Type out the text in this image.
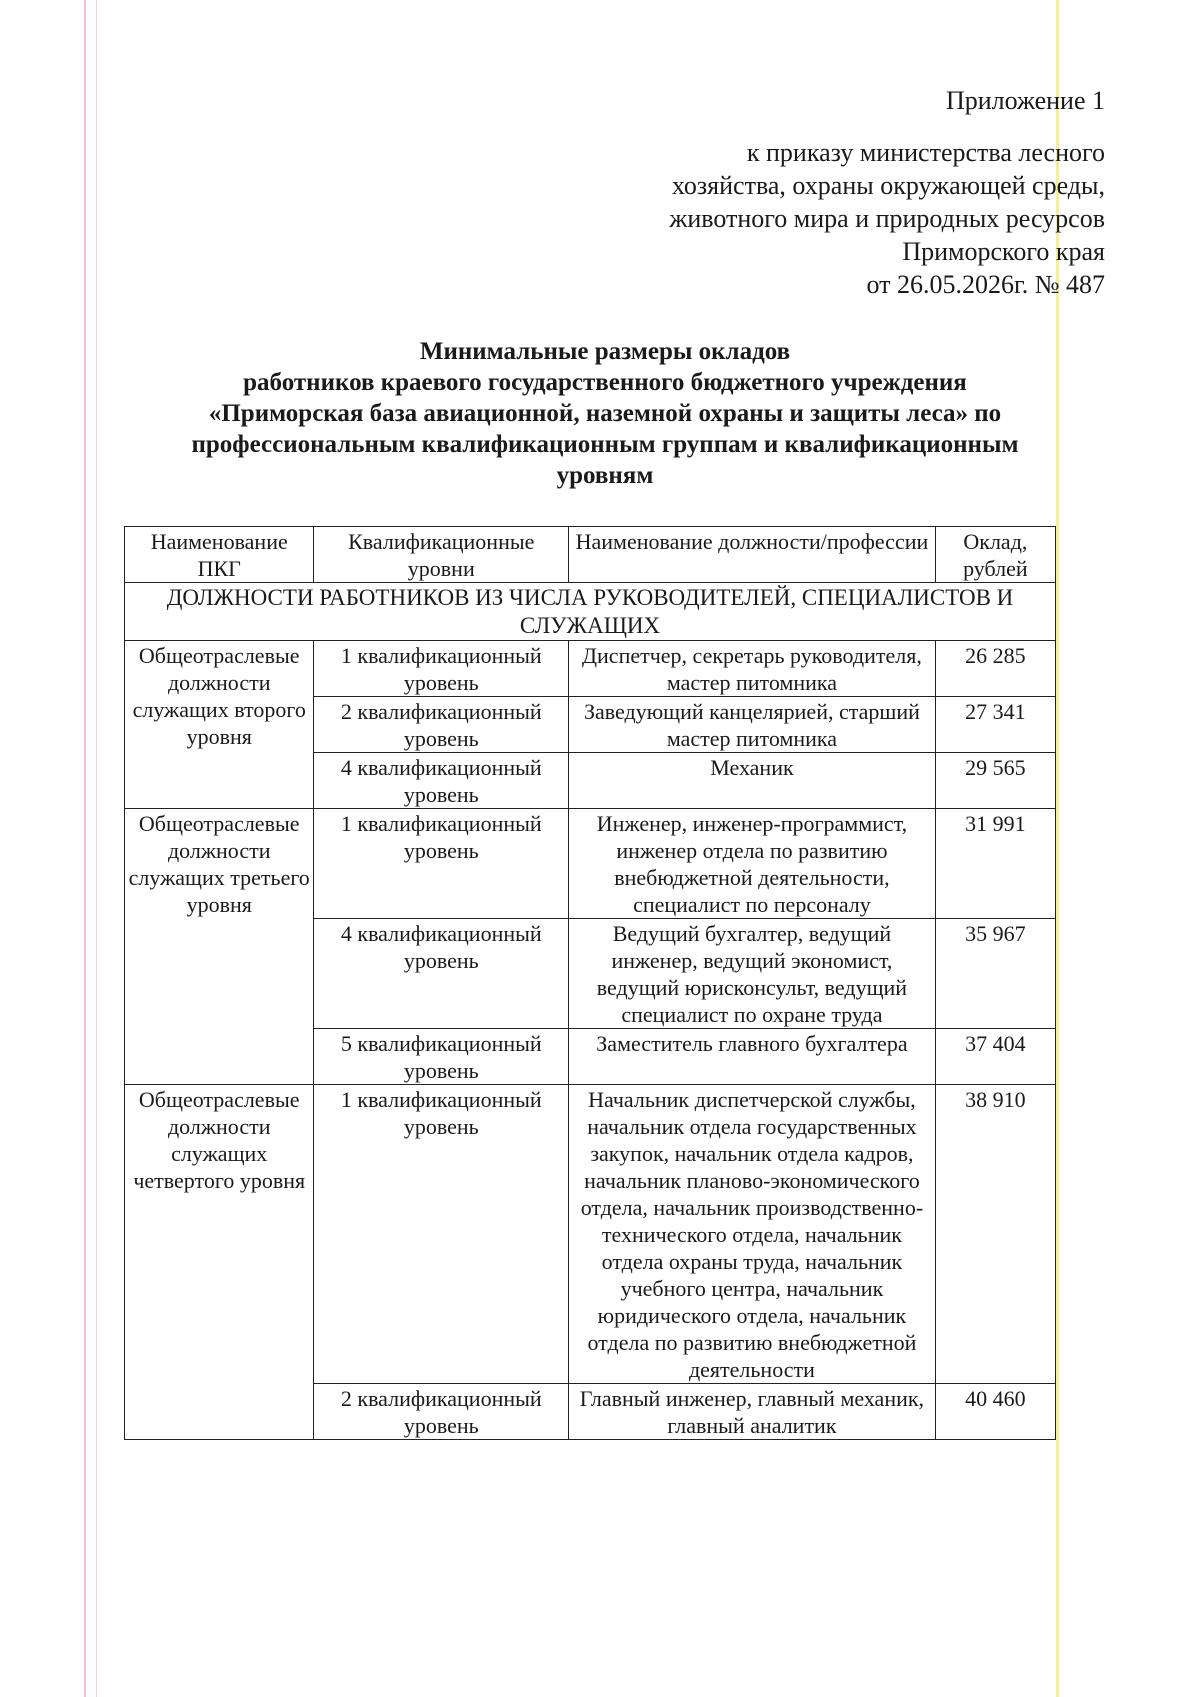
Приложение 1
к приказу министерства лесного
хозяйства, охраны окружающей среды,
животного мира и природных ресурсов
Приморского края
от 26.05.2026г. № 487
Минимальные размеры окладов
работников краевого государственного бюджетного учреждения
«Приморская база авиационной, наземной охраны и защиты леса» по
профессиональным квалификационным группам и квалификационным
уровням
Наименование ПКГ	Квалификационные уровни	Наименование должности/профессии	Оклад, рублей
ДОЛЖНОСТИ РАБОТНИКОВ ИЗ ЧИСЛА РУКОВОДИТЕЛЕЙ, СПЕЦИАЛИСТОВ И СЛУЖАЩИХ			
Общеотраслевые должности служащих второго уровня	1 квалификационный уровень	Диспетчер, секретарь руководителя, мастер питомника	26 285
	2 квалификационный уровень	Заведующий канцелярией, старший мастер питомника	27 341
	4 квалификационный уровень	Механик	29 565
Общеотраслевые должности служащих третьего уровня	1 квалификационный уровень	Инженер, инженер-программист, инженер отдела по развитию внебюджетной деятельности, специалист по персоналу	31 991
	4 квалификационный уровень	Ведущий бухгалтер, ведущий инженер, ведущий экономист, ведущий юрисконсульт, ведущий специалист по охране труда	35 967
	5 квалификационный уровень	Заместитель главного бухгалтера	37 404
Общеотраслевые должности служащих четвертого уровня	1 квалификационный уровень	Начальник диспетчерской службы, начальник отдела государственных закупок, начальник отдела кадров, начальник планово-экономического отдела, начальник производственно-технического отдела, начальник отдела охраны труда, начальник учебного центра, начальник юридического отдела, начальник отдела по развитию внебюджетной деятельности	38 910
	2 квалификационный уровень	Главный инженер, главный механик, главный аналитик	40 460
